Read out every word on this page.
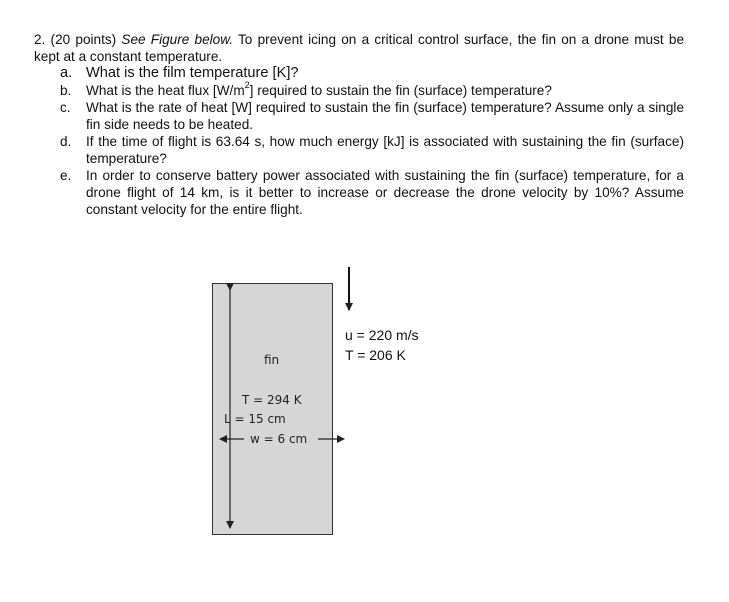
2. (20 points) See Figure below. To prevent icing on a critical control surface, the fin on a drone must be kept at a constant temperature.

a. What is the film temperature [K]?
b. What is the heat flux $[W/m^2]$ required to sustain the fin (surface) temperature?
c. What is the rate of heat [W] required to sustain the fin (surface) temperature? Assume only a single fin side needs to be heated.
d. If the time of flight is 63.64 s, how much energy [kJ] is associated with sustaining the fin (surface) temperature?
e. In order to conserve battery power associated with sustaining the fin (surface) temperature, for a drone flight of 14 km, is it better to increase or decrease the drone velocity by 10%? Assume constant velocity for the entire flight.
fin
T = 294 K
L = 15 cm
w = 6 cm
u = 220 m/s
T = 206 K
